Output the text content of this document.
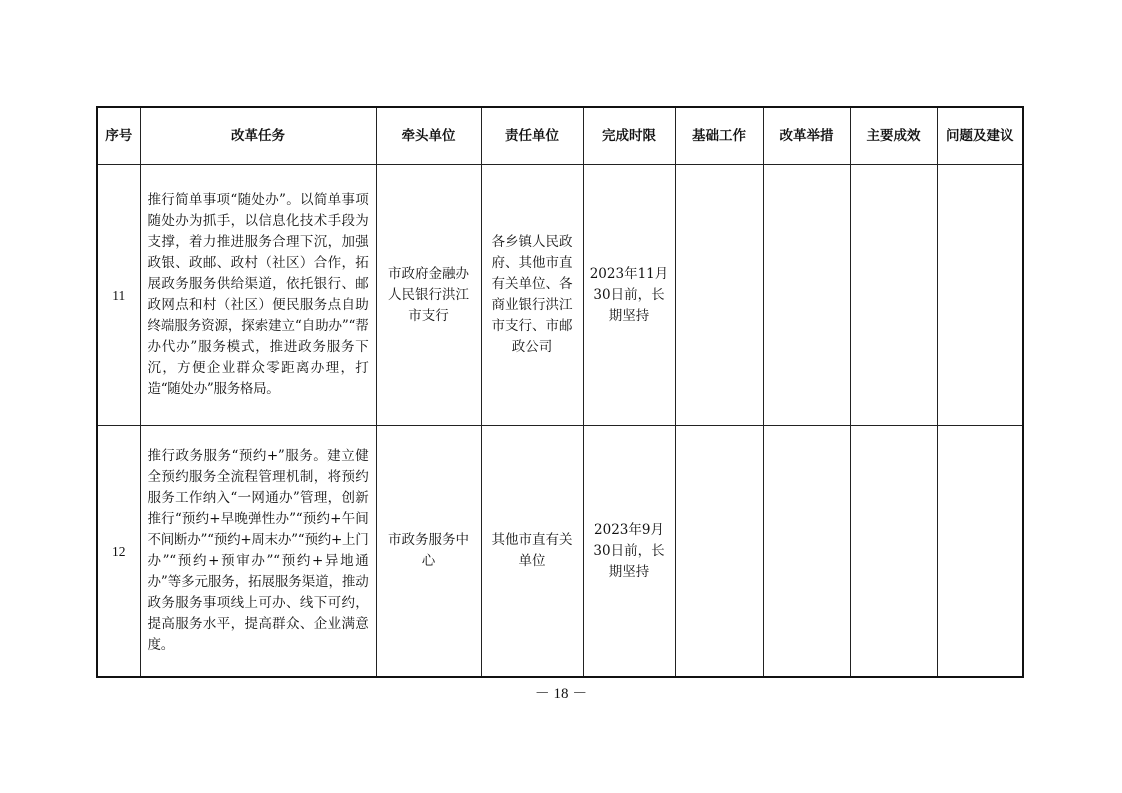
序号	改革任务	牵头单位	责任单位	完成时限	基础工作	改革举措	主要成效	问题及建议
11	推行简单事项“随处办”。以简单事项随处办为抓手，以信息化技术手段为支撑，着力推进服务合理下沉，加强政银、政邮、政村（社区）合作，拓展政务服务供给渠道，依托银行、邮政网点和村（社区）便民服务点自助终端服务资源，探索建立“自助办”“帮办代办”服务模式，推进政务服务下沉，方便企业群众零距离办理，打造“随处办”服务格局。	市政府金融办人民银行洪江市支行	各乡镇人民政府、其他市直有关单位、各商业银行洪江市支行、市邮政公司	2023年11月30日前，长期坚持				
12	推行政务服务“预约+”服务。建立健全预约服务全流程管理机制，将预约服务工作纳入“一网通办”管理，创新推行“预约+早晚弹性办”“预约+午间不间断办”“预约+周末办”“预约+上门办”“预约+预审办”“预约+异地通办”等多元服务，拓展服务渠道，推动政务服务事项线上可办、线下可约，提高服务水平，提高群众、企业满意度。	市政务服务中心	其他市直有关单位	2023年9月30日前，长期坚持				
－ 18 －
